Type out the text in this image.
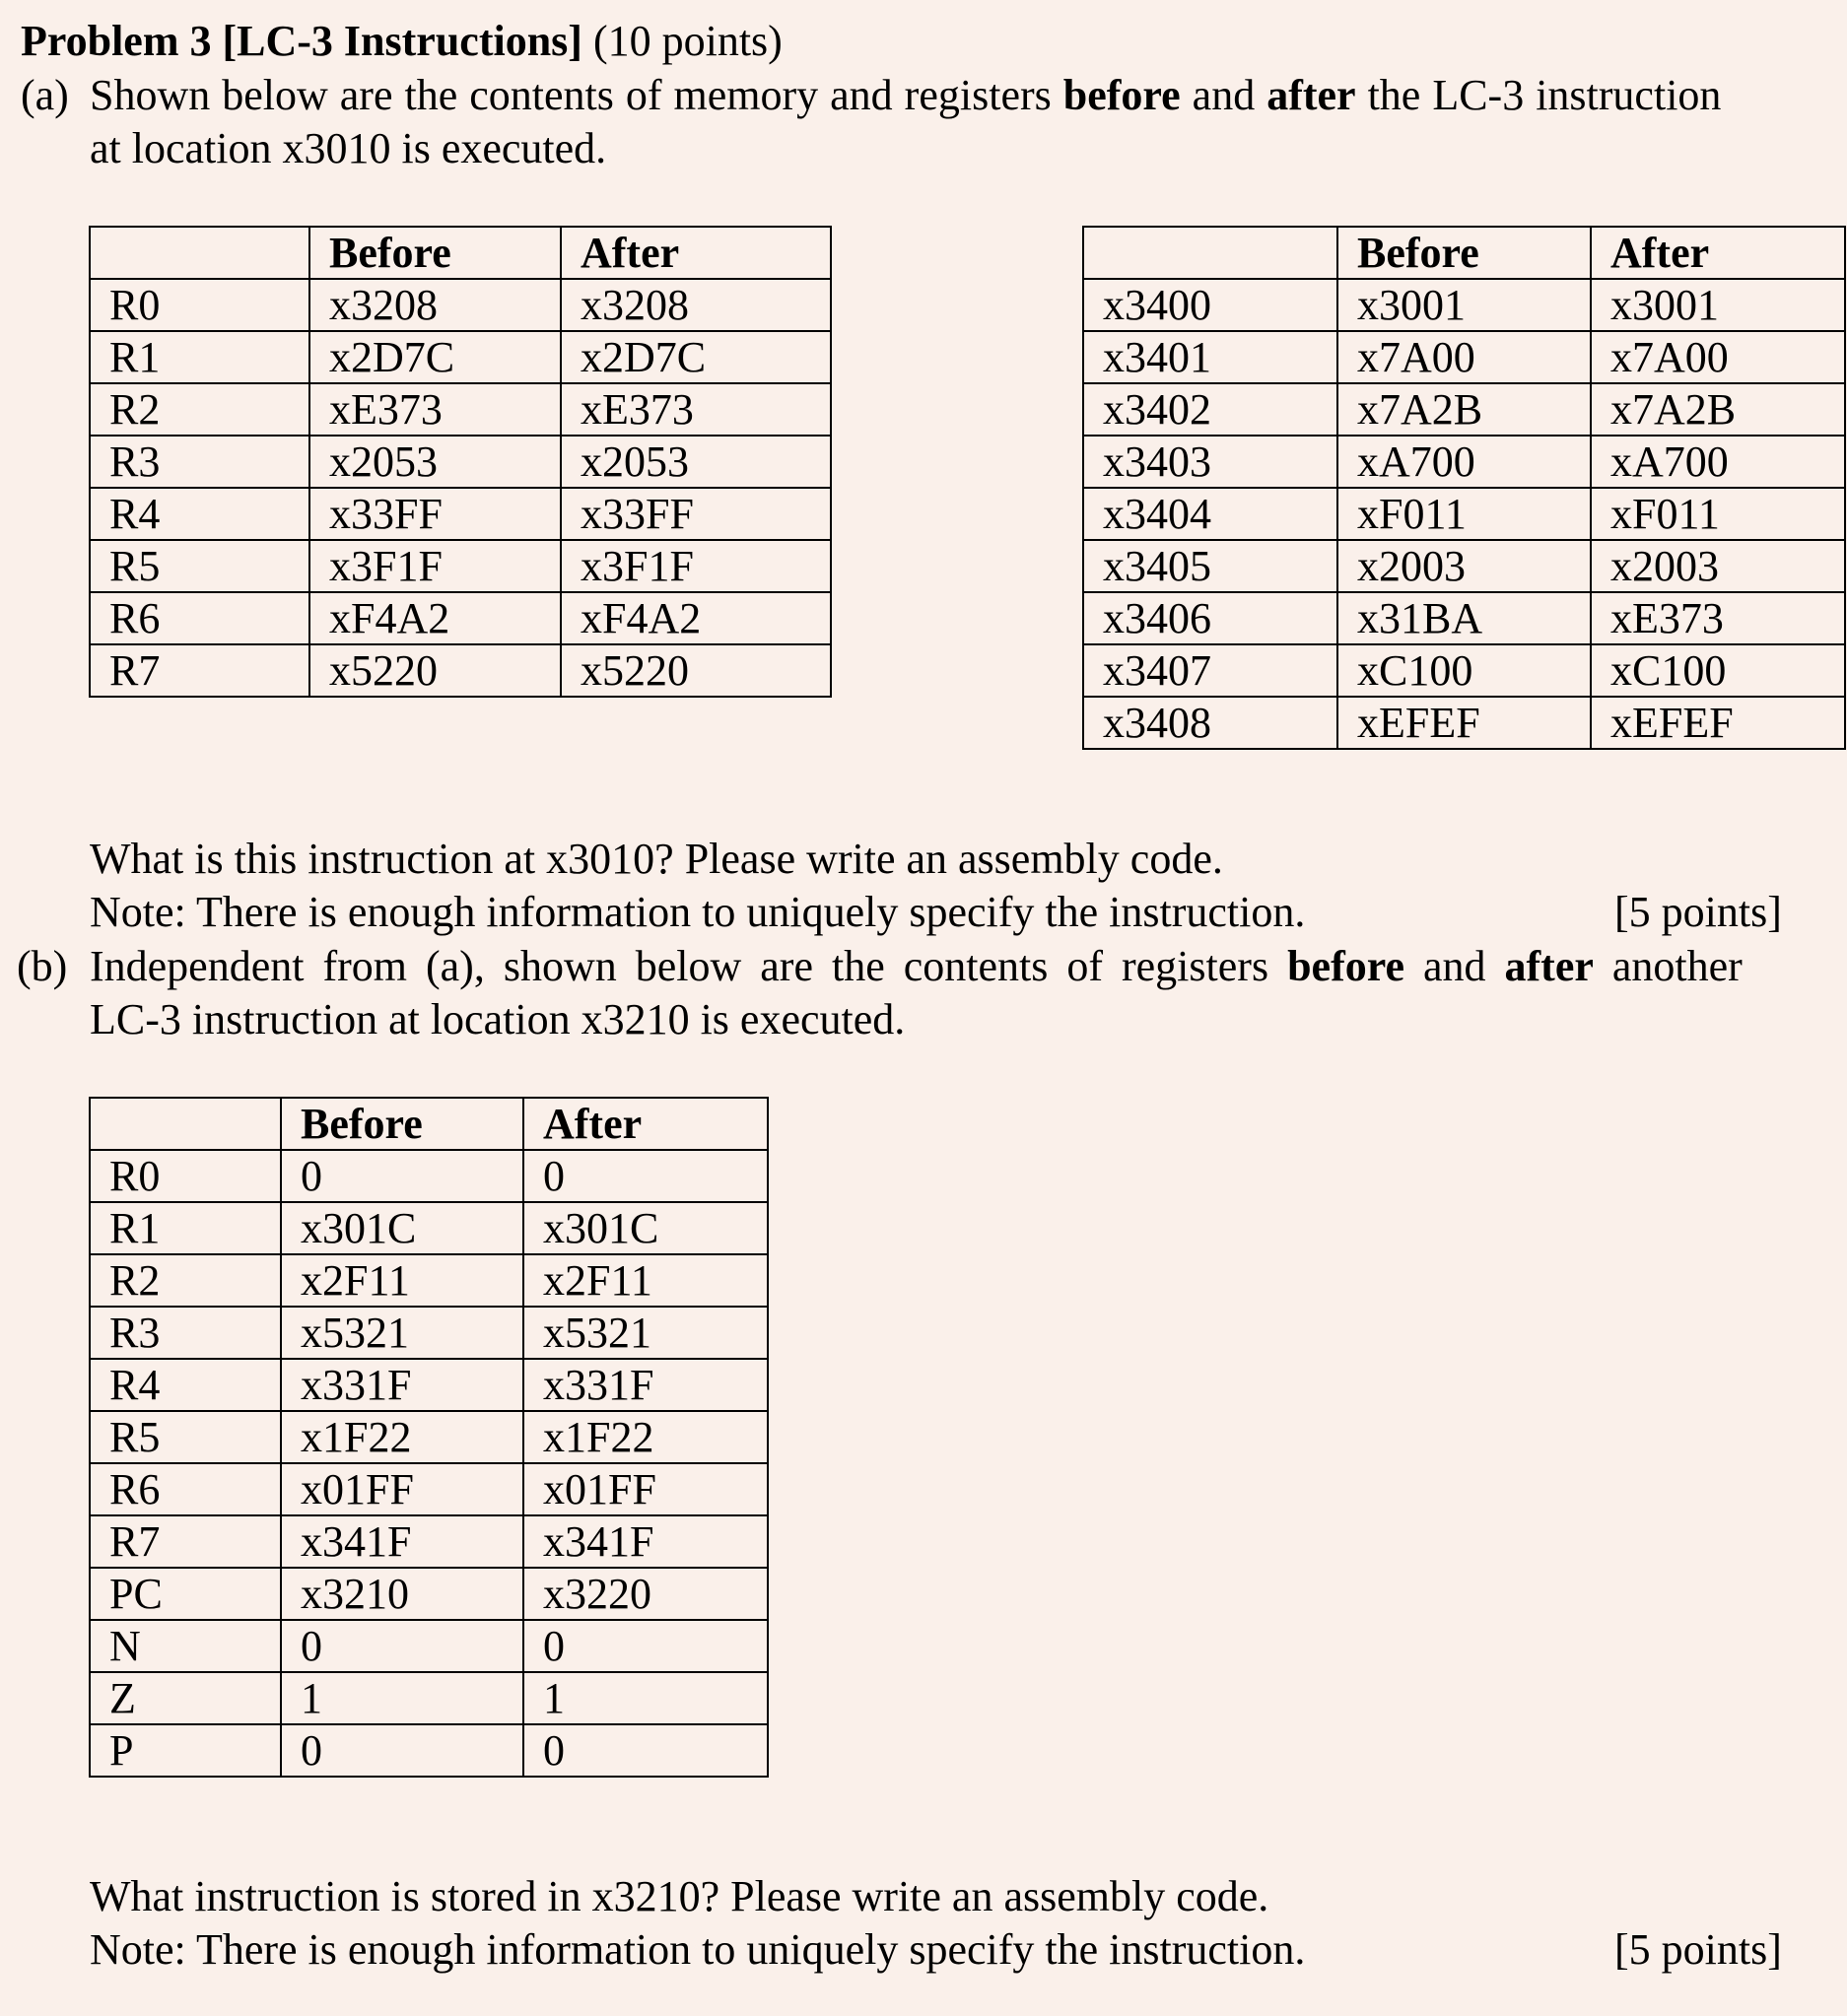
Problem 3 [LC-3 Instructions] (10 points)
(a) Shown below are the contents of memory and registers before and after the LC-3 instruction
at location x3010 is executed.
	Before	After
R0	x3208	x3208
R1	x2D7C	x2D7C
R2	xE373	xE373
R3	x2053	x2053
R4	x33FF	x33FF
R5	x3F1F	x3F1F
R6	xF4A2	xF4A2
R7	x5220	x5220
	Before	After
x3400	x3001	x3001
x3401	x7A00	x7A00
x3402	x7A2B	x7A2B
x3403	xA700	xA700
x3404	xF011	xF011
x3405	x2003	x2003
x3406	x31BA	xE373
x3407	xC100	xC100
x3408	xEFEF	xEFEF
What is this instruction at x3010? Please write an assembly code.
Note: There is enough information to uniquely specify the instruction.	[5 points]
(b) Independent from (a), shown below are the contents of registers before and after another
LC-3 instruction at location x3210 is executed.
	Before	After
R0	0	0
R1	x301C	x301C
R2	x2F11	x2F11
R3	x5321	x5321
R4	x331F	x331F
R5	x1F22	x1F22
R6	x01FF	x01FF
R7	x341F	x341F
PC	x3210	x3220
N	0	0
Z	1	1
P	0	0
What instruction is stored in x3210? Please write an assembly code.
Note: There is enough information to uniquely specify the instruction.	[5 points]
